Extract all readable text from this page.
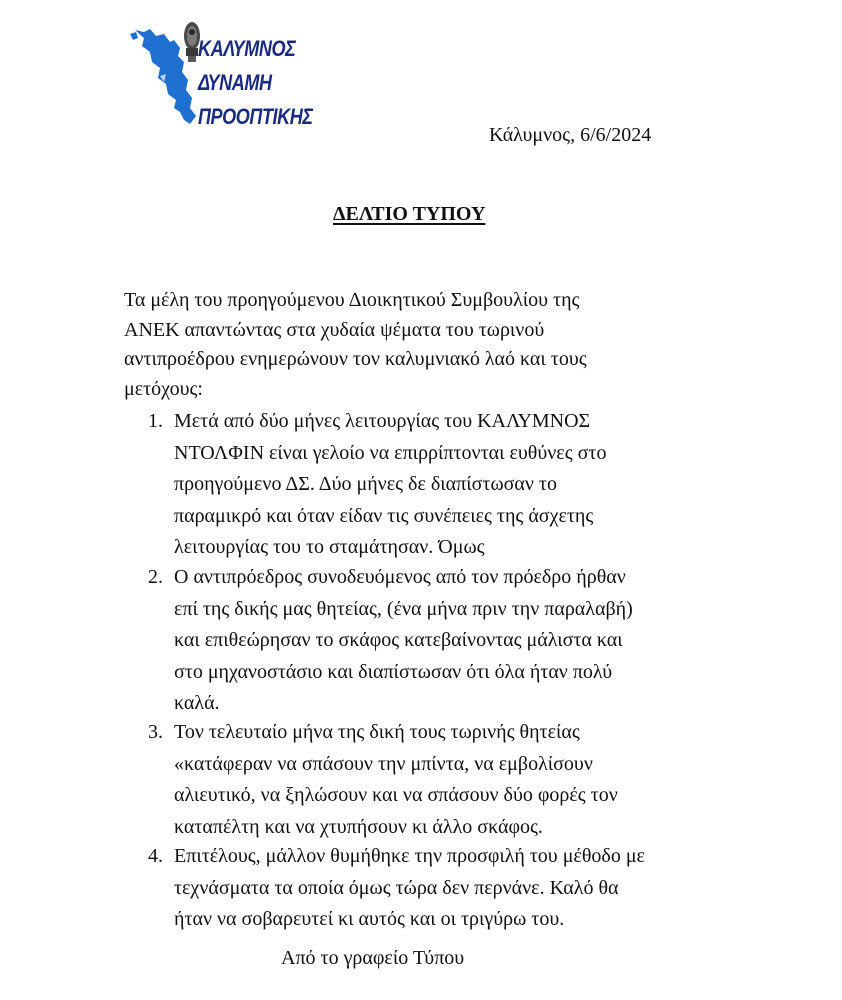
ΚΑΛΥΜΝΟΣ
ΔΥΝΑΜΗ
ΠΡΟΟΠΤΙΚΗΣ
Κάλυμνος, 6/6/2024
ΔΕΛΤΙΟ ΤΥΠΟΥ
Τα μέλη του προηγούμενου Διοικητικού Συμβουλίου της
ΑΝΕΚ απαντώντας στα χυδαία ψέματα του τωρινού
αντιπροέδρου ενημερώνουν τον καλυμνιακό λαό και τους
μετόχους:
1. Μετά από δύο μήνες λειτουργίας του ΚΑΛΥΜΝΟΣ
ΝΤΟΛΦΙΝ είναι γελοίο να επιρρίπτονται ευθύνες στο
προηγούμενο ΔΣ. Δύο μήνες δε διαπίστωσαν το
παραμικρό και όταν είδαν τις συνέπειες της άσχετης
λειτουργίας του το σταμάτησαν. Όμως
2. Ο αντιπρόεδρος συνοδευόμενος από τον πρόεδρο ήρθαν
επί της δικής μας θητείας, (ένα μήνα πριν την παραλαβή)
και επιθεώρησαν το σκάφος κατεβαίνοντας μάλιστα και
στο μηχανοστάσιο και διαπίστωσαν ότι όλα ήταν πολύ
καλά.
3. Τον τελευταίο μήνα της δική τους τωρινής θητείας
«κατάφεραν να σπάσουν την μπίντα, να εμβολίσουν
αλιευτικό, να ξηλώσουν και να σπάσουν δύο φορές τον
καταπέλτη και να χτυπήσουν κι άλλο σκάφος.
4. Επιτέλους, μάλλον θυμήθηκε την προσφιλή του μέθοδο με
τεχνάσματα τα οποία όμως τώρα δεν περνάνε. Καλό θα
ήταν να σοβαρευτεί κι αυτός και οι τριγύρω του.
Από το γραφείο Τύπου
